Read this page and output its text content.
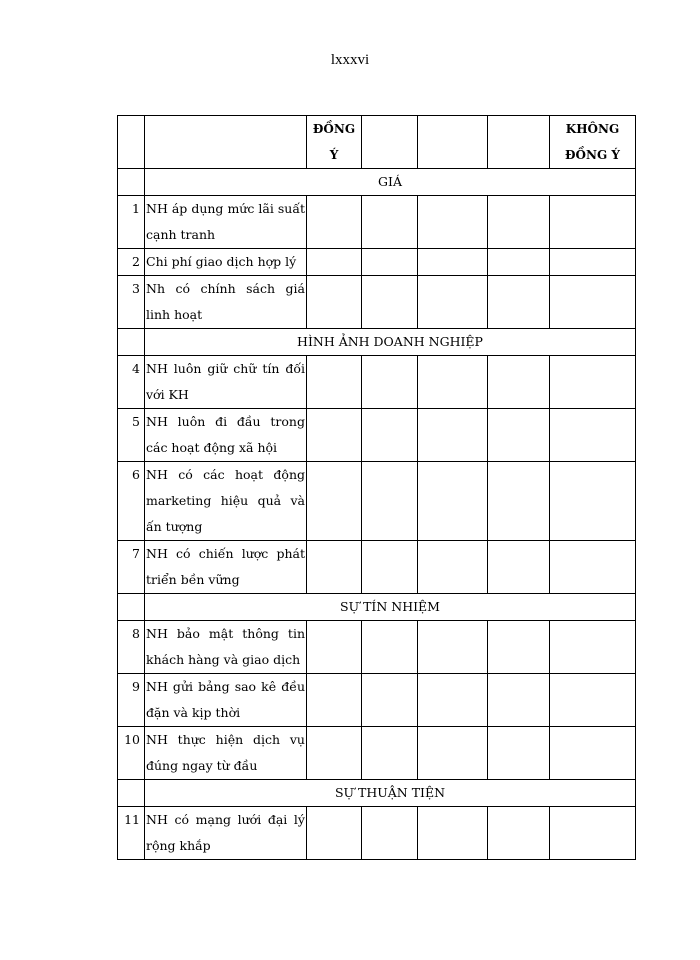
lxxxvi
		ĐỒNG Ý				KHÔNG ĐỒNG Ý
	GIÁ					
1	NH áp dụng mức lãi suất cạnh tranh					
2	Chi phí giao dịch hợp lý					
3	Nh có chính sách giá linh hoạt					
	HÌNH ẢNH DOANH NGHIỆP					
4	NH luôn giữ chữ tín đối với KH					
5	NH luôn đi đầu trong các hoạt động xã hội					
6	NH có các hoạt động marketing hiệu quả và ấn tượng					
7	NH có chiến lược phát triển bền vững					
	SỰ TÍN NHIỆM					
8	NH bảo mật thông tin khách hàng và giao dịch					
9	NH gửi bảng sao kê đều đặn và kịp thời					
10	NH thực hiện dịch vụ đúng ngay từ đầu					
	SỰ THUẬN TIỆN					
11	NH có mạng lưới đại lý rộng khắp					
